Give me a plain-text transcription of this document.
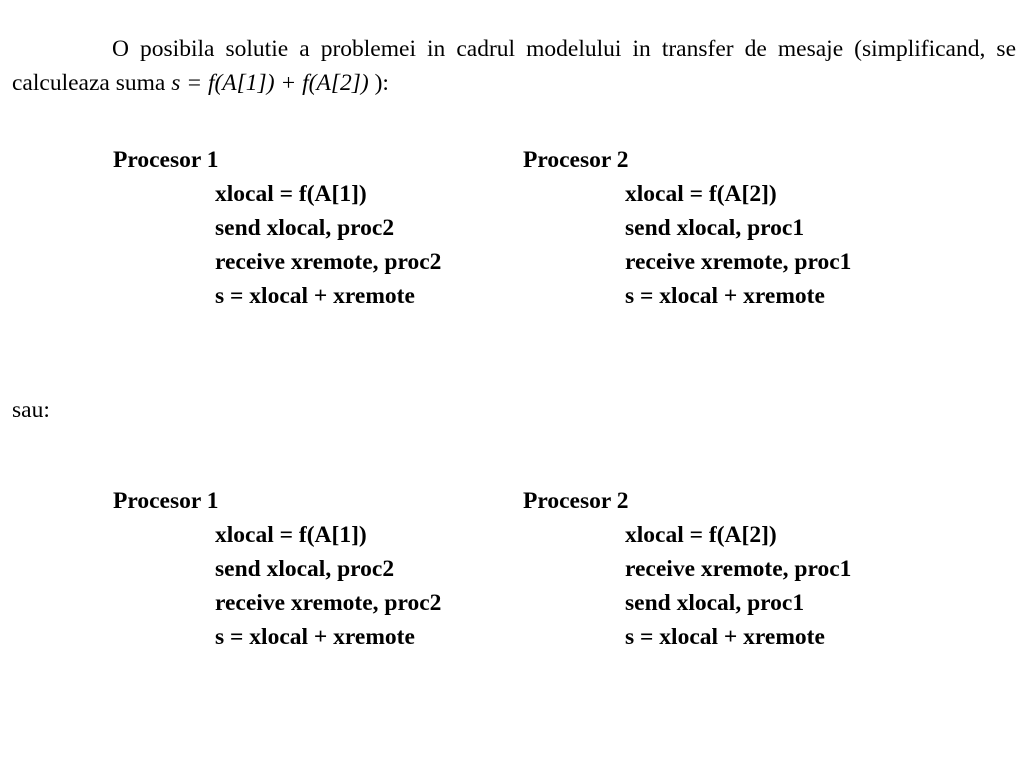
O posibila solutie a problemei in cadrul modelului in transfer de mesaje (simplificand, se calculeaza suma s = f(A[1]) + f(A[2]) ):

Procesor 1
xlocal = f(A[1])
send xlocal, proc2
receive xremote, proc2
s = xlocal + xremote
Procesor 2
xlocal = f(A[2])
send xlocal, proc1
receive xremote, proc1
s = xlocal + xremote
sau:
Procesor 1
xlocal = f(A[1])
send xlocal, proc2
receive xremote, proc2
s = xlocal + xremote
Procesor 2
xlocal = f(A[2])
receive xremote, proc1
send xlocal, proc1
s = xlocal + xremote
